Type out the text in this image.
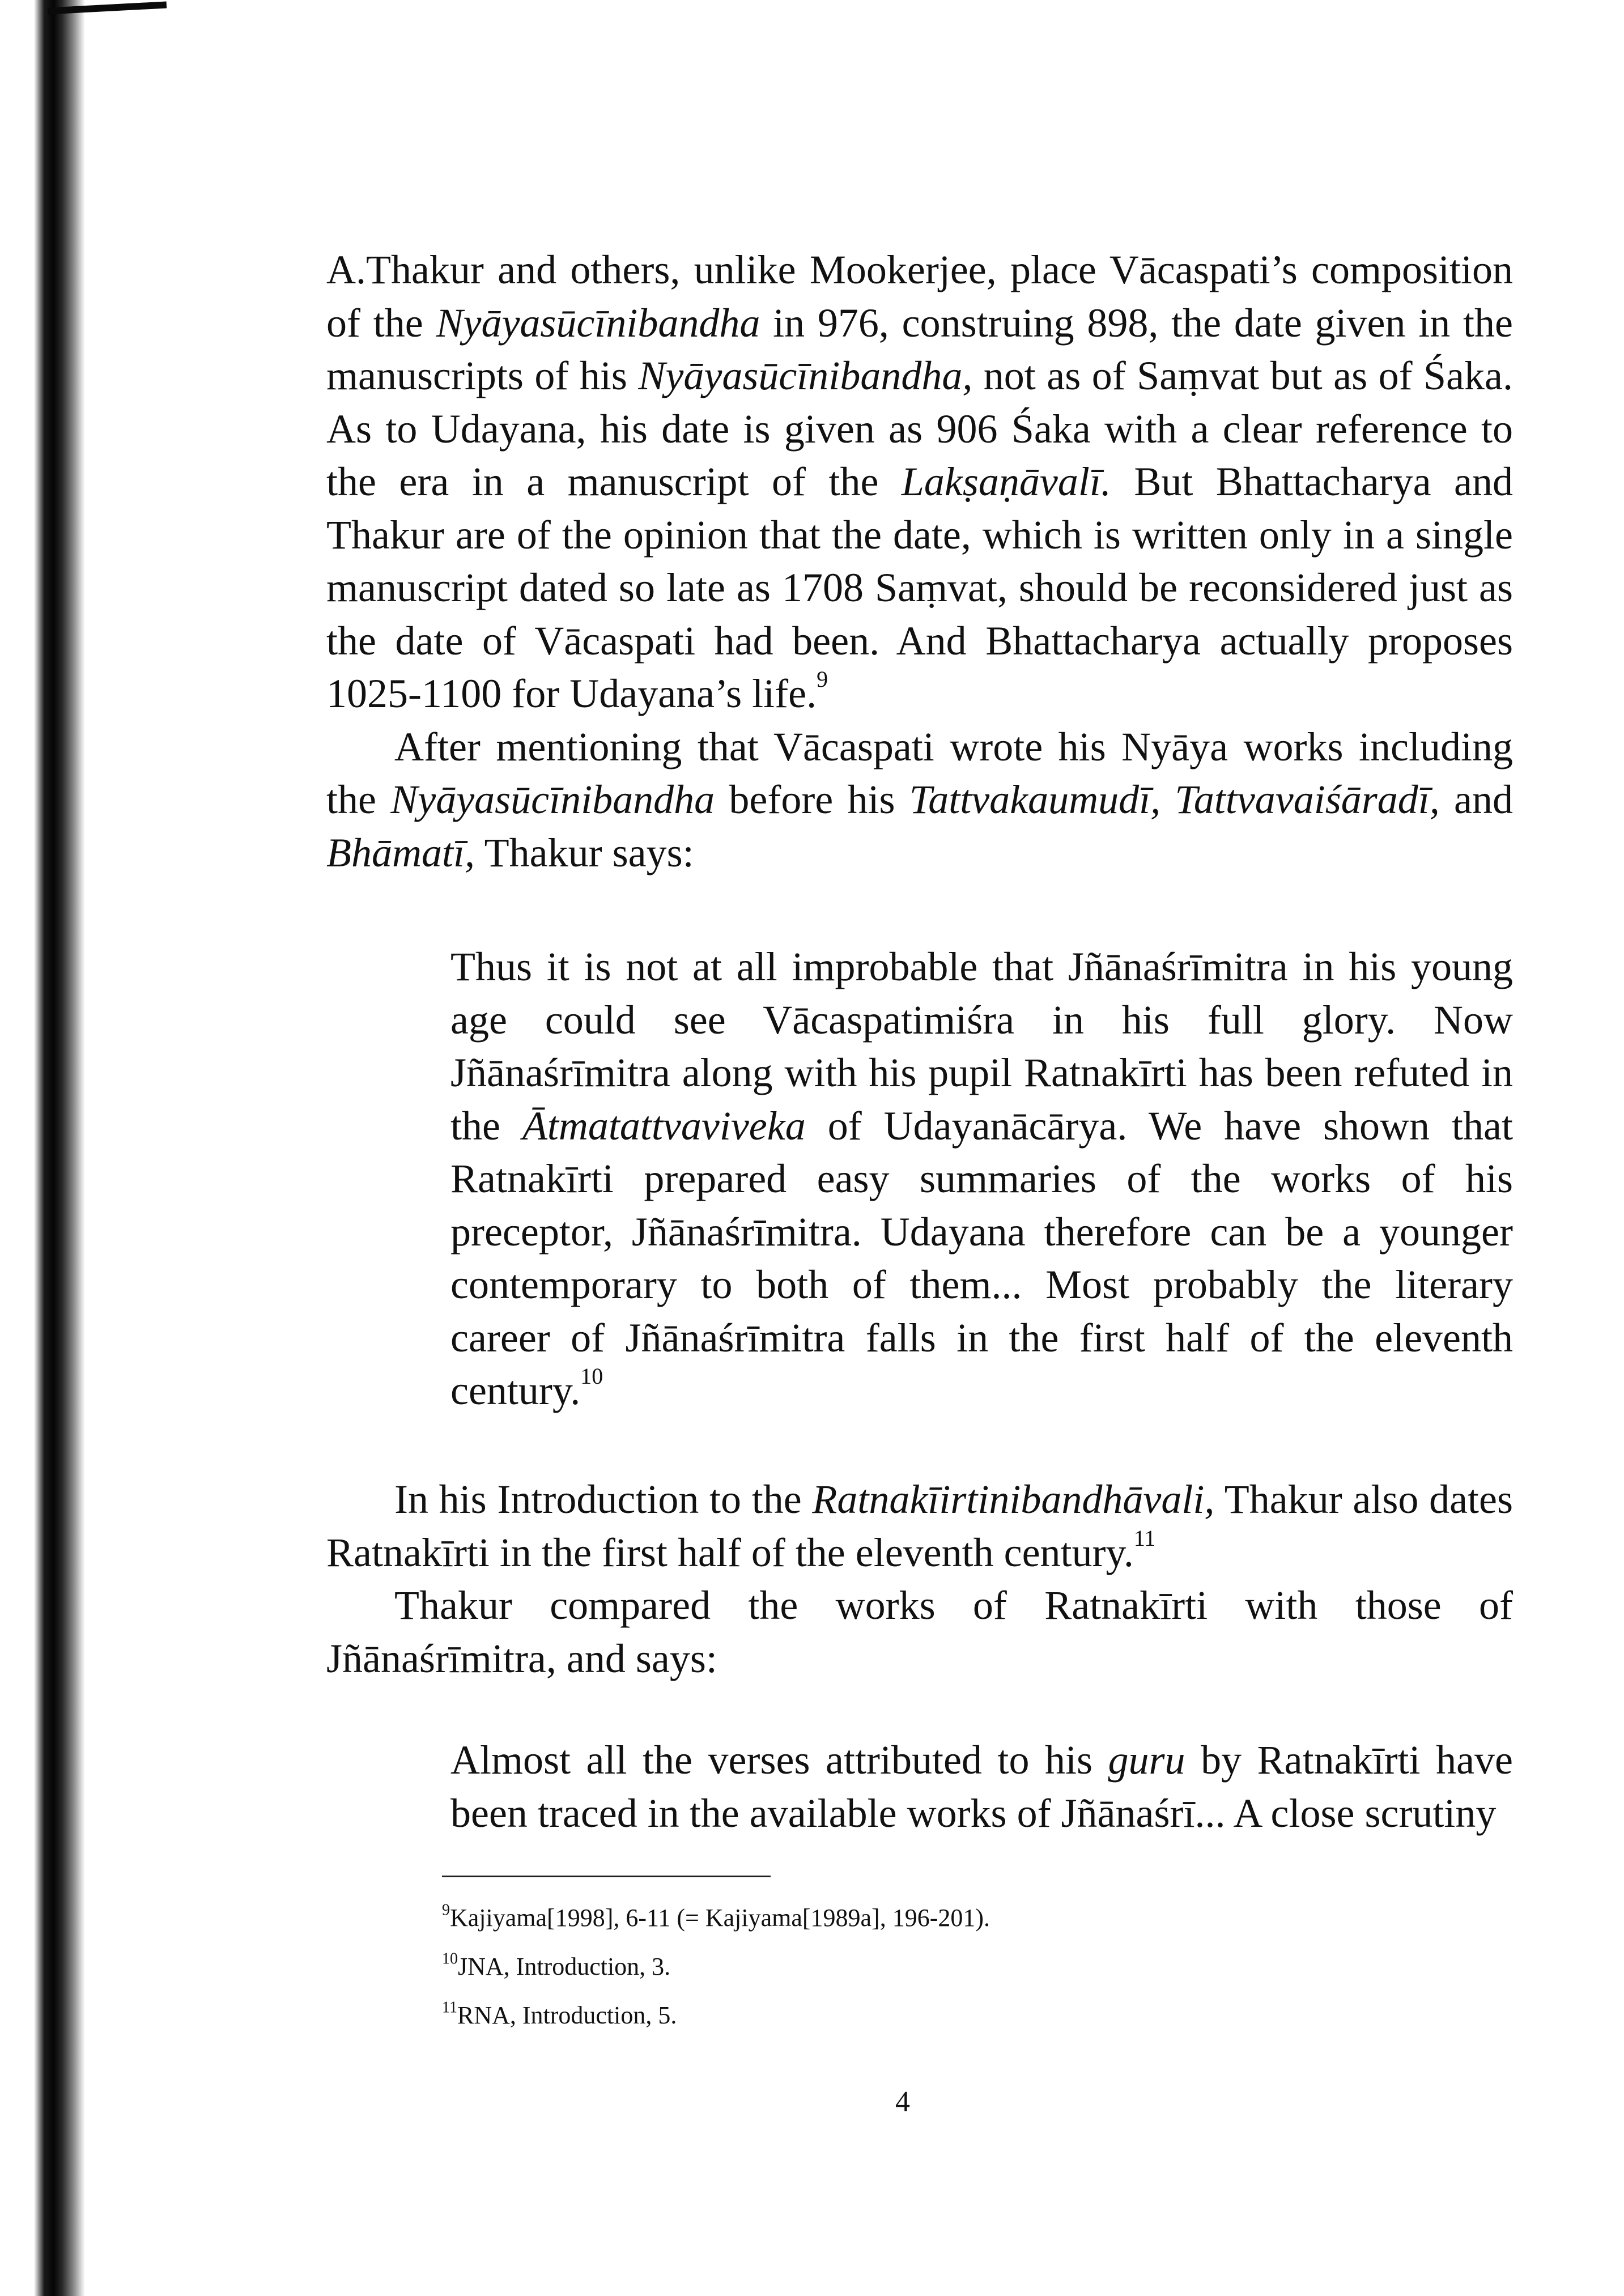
A.Thakur and others, unlike Mookerjee, place Vācaspati’s composition of the Nyāyasūcīnibandha in 976, construing 898, the date given in the manuscripts of his Nyāyasūcīnibandha, not as of Saṃvat but as of Śaka. As to Udayana, his date is given as 906 Śaka with a clear reference to the era in a manuscript of the Lakṣaṇāvalī. But Bhattacharya and Thakur are of the opinion that the date, which is written only in a single manuscript dated so late as 1708 Saṃvat, should be reconsidered just as the date of Vācaspati had been. And Bhattacharya actually proposes 1025-1100 for Udayana’s life.$^9$

After mentioning that Vācaspati wrote his Nyāya works including the Nyāyasūcīnibandha before his Tattvakaumudī, Tattvavaiśāradī, and Bhāmatī, Thakur says:

Thus it is not at all improbable that Jñānaśrīmitra in his young age could see Vācaspatimiśra in his full glory. Now Jñānaśrīmitra along with his pupil Ratnakīrti has been refuted in the Ātmatattvaviveka of Udayanācārya. We have shown that Ratnakīrti prepared easy summaries of the works of his preceptor, Jñānaśrīmitra. Udayana therefore can be a younger contemporary to both of them... Most probably the literary career of Jñānaśrīmitra falls in the first half of the eleventh century.$^{10}$

In his Introduction to the Ratnakīirtinibandhāvali, Thakur also dates Ratnakīrti in the first half of the eleventh century.$^{11}$

Thakur compared the works of Ratnakīrti with those of Jñānaśrīmitra, and says:

Almost all the verses attributed to his guru by Ratnakīrti have been traced in the available works of Jñānaśrī... A close scrutiny

$^9$Kajiyama[1998], 6-11 (= Kajiyama[1989a], 196-201).

$^{10}$JNA, Introduction, 3.

$^{11}$RNA, Introduction, 5.

4
